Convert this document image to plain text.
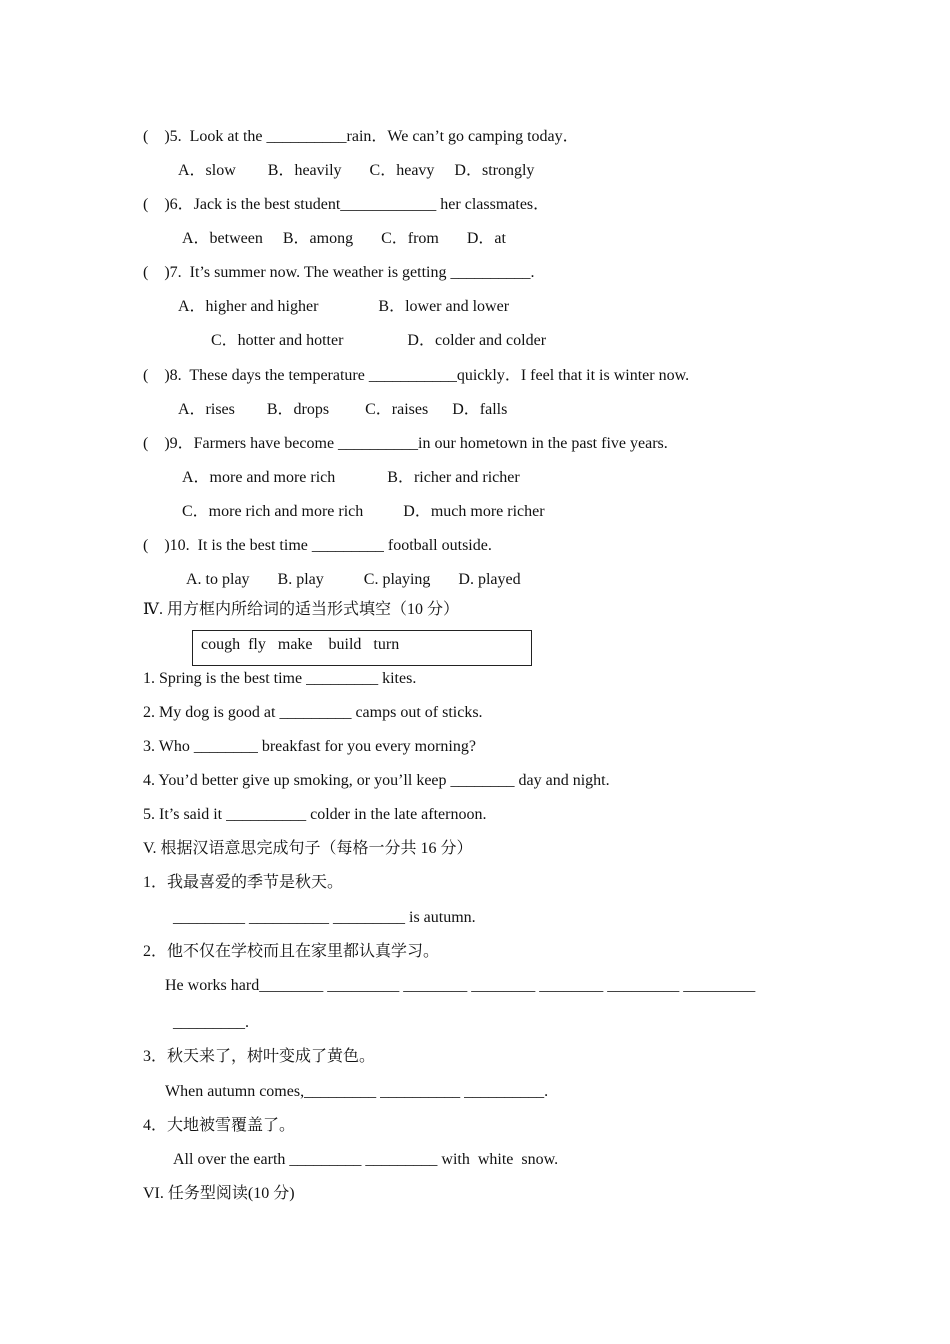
(    )5.  Look at the __________rain．We can’t go camping today．
A．slow        B．heavily       C．heavy     D．strongly
(    )6．Jack is the best student____________ her classmates．
A．between     B．among       C．from       D．at
(    )7.  It’s summer now. The weather is getting __________.
A．higher and higher               B．lower and lower
C．hotter and hotter                D．colder and colder
(    )8.  These days the temperature ___________quickly．I feel that it is winter now.
A．rises        B．drops         C．raises      D．falls
(    )9．Farmers have become __________in our hometown in the past five years.
A．more and more rich             B．richer and richer
C．more rich and more rich          D．much more richer
(    )10.  It is the best time _________ football outside.
A. to play       B. play          C. playing       D. played
Ⅳ. 用方框内所给词的适当形式填空（10 分）
cough  fly   make    build   turn
1. Spring is the best time _________ kites.
2. My dog is good at _________ camps out of sticks.
3. Who ________ breakfast for you every morning?
4. You’d better give up smoking, or you’ll keep ________ day and night.
5. It’s said it __________ colder in the late afternoon.
V. 根据汉语意思完成句子（每格一分共 16 分）
1．我最喜爱的季节是秋天。
_________ __________ _________ is autumn.
2．他不仅在学校而且在家里都认真学习。
He works hard________ _________ ________ ________ ________ _________ _________
_________.
3．秋天来了，树叶变成了黄色。
When autumn comes,_________ __________ __________.
4．大地被雪覆盖了。
All over the earth _________ _________ with  white  snow.
VI. 任务型阅读(10 分)
